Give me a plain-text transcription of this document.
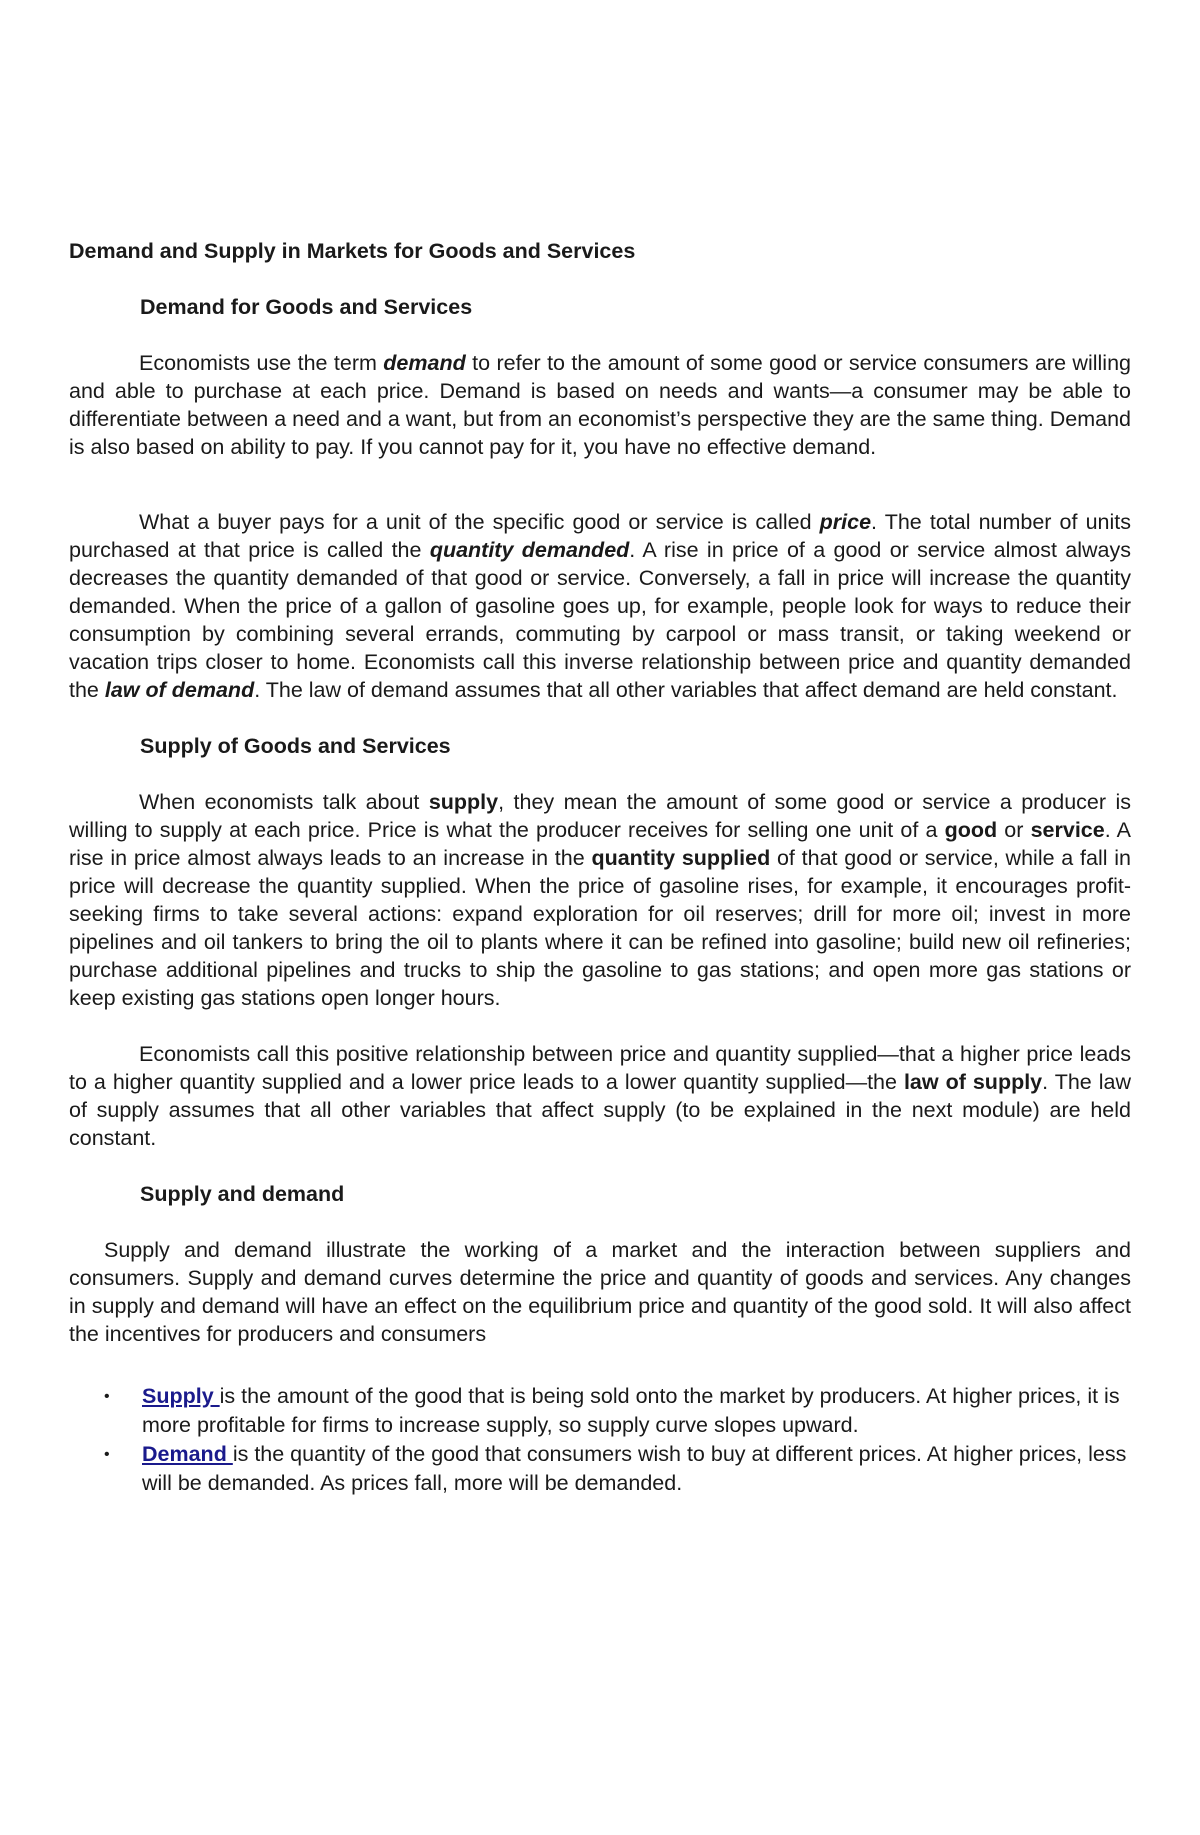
Demand and Supply in Markets for Goods and Services
Demand for Goods and Services

Economists use the term demand to refer to the amount of some good or service consumers are willing and able to purchase at each price. Demand is based on needs and wants—a consumer may be able to differentiate between a need and a want, but from an economist’s perspective they are the same thing. Demand is also based on ability to pay. If you cannot pay for it, you have no effective demand.

What a buyer pays for a unit of the specific good or service is called price. The total number of units purchased at that price is called the quantity demanded. A rise in price of a good or service almost always decreases the quantity demanded of that good or service. Conversely, a fall in price will increase the quantity demanded. When the price of a gallon of gasoline goes up, for example, people look for ways to reduce their consumption by combining several errands, commuting by carpool or mass transit, or taking weekend or vacation trips closer to home. Economists call this inverse relationship between price and quantity demanded the law of demand. The law of demand assumes that all other variables that affect demand are held constant.

Supply of Goods and Services

When economists talk about supply, they mean the amount of some good or service a producer is willing to supply at each price. Price is what the producer receives for selling one unit of a good or service. A rise in price almost always leads to an increase in the quantity supplied of that good or service, while a fall in price will decrease the quantity supplied. When the price of gasoline rises, for example, it encourages profit-seeking firms to take several actions: expand exploration for oil reserves; drill for more oil; invest in more pipelines and oil tankers to bring the oil to plants where it can be refined into gasoline; build new oil refineries; purchase additional pipelines and trucks to ship the gasoline to gas stations; and open more gas stations or keep existing gas stations open longer hours.

Economists call this positive relationship between price and quantity supplied—that a higher price leads to a higher quantity supplied and a lower price leads to a lower quantity supplied—the law of supply. The law of supply assumes that all other variables that affect supply (to be explained in the next module) are held constant.

Supply and demand

Supply and demand illustrate the working of a market and the interaction between suppliers and consumers. Supply and demand curves determine the price and quantity of goods and services. Any changes in supply and demand will have an effect on the equilibrium price and quantity of the good sold. It will also affect the incentives for producers and consumers

• Supply is the amount of the good that is being sold onto the market by producers. At higher prices, it is more profitable for firms to increase supply, so supply curve slopes upward.
• Demand is the quantity of the good that consumers wish to buy at different prices. At higher prices, less will be demanded. As prices fall, more will be demanded.
